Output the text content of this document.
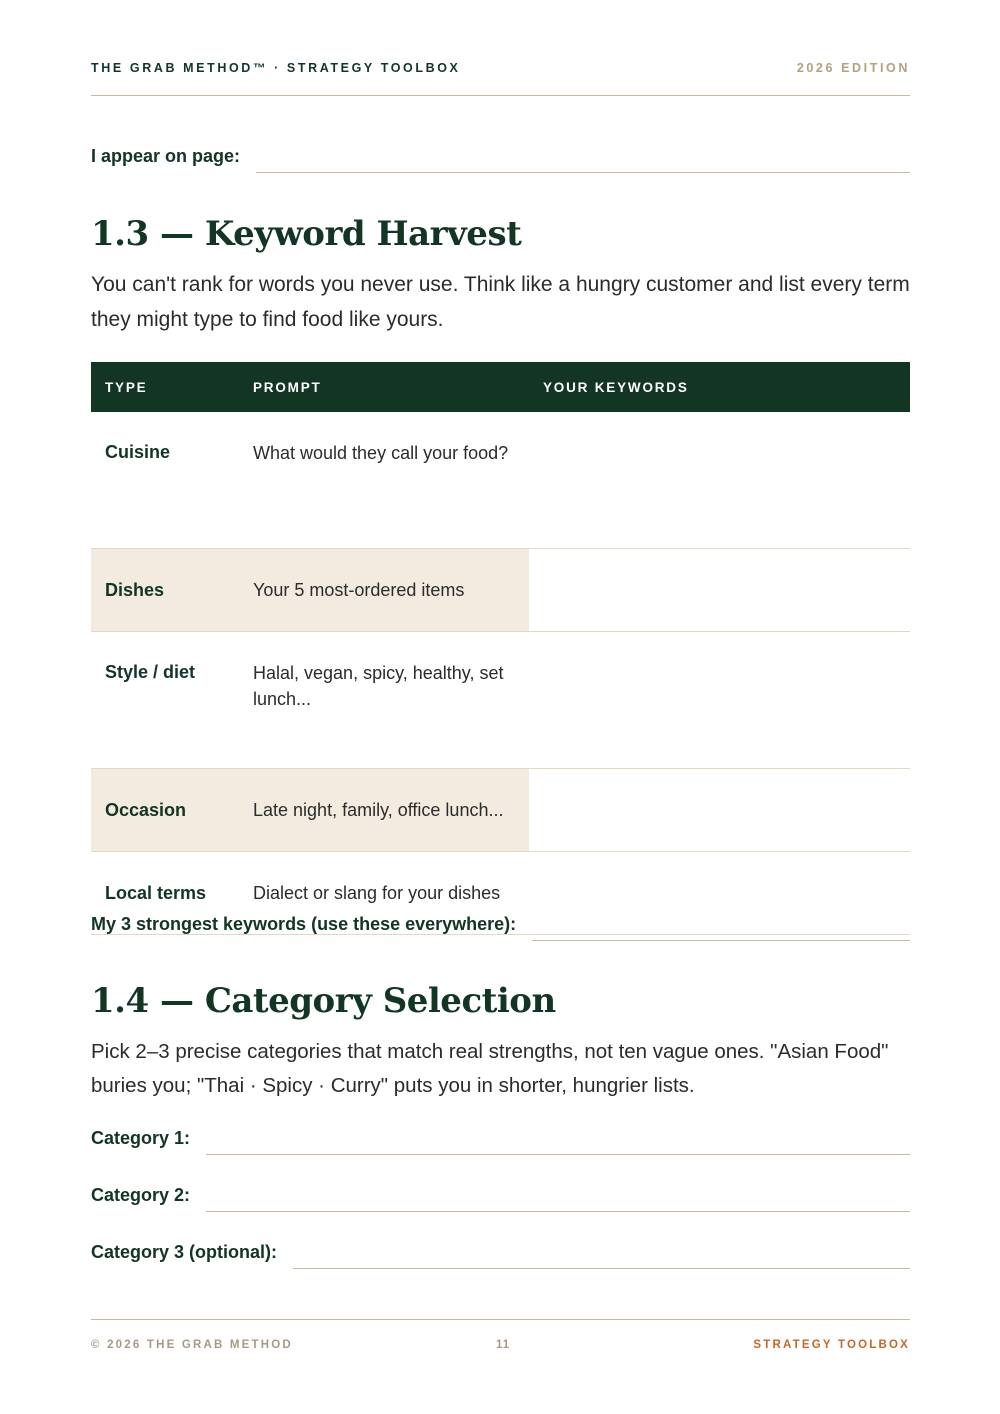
THE GRAB METHOD™ · STRATEGY TOOLBOX	2026 EDITION
I appear on page:
1.3 — Keyword Harvest

You can't rank for words you never use. Think like a hungry customer and list every term they might type to find food like yours.

TYPE	PROMPT	YOUR KEYWORDS
Cuisine	What would they call your food?	
Dishes	Your 5 most-ordered items	
Style / diet	Halal, vegan, spicy, healthy, set lunch...	
Occasion	Late night, family, office lunch...	
Local terms	Dialect or slang for your dishes	
My 3 strongest keywords (use these everywhere):
1.4 — Category Selection

Pick 2–3 precise categories that match real strengths, not ten vague ones. "Asian Food" buries you; "Thai · Spicy · Curry" puts you in shorter, hungrier lists.

Category 1:
Category 2:
Category 3 (optional):
© 2026 THE GRAB METHOD	11	STRATEGY TOOLBOX
